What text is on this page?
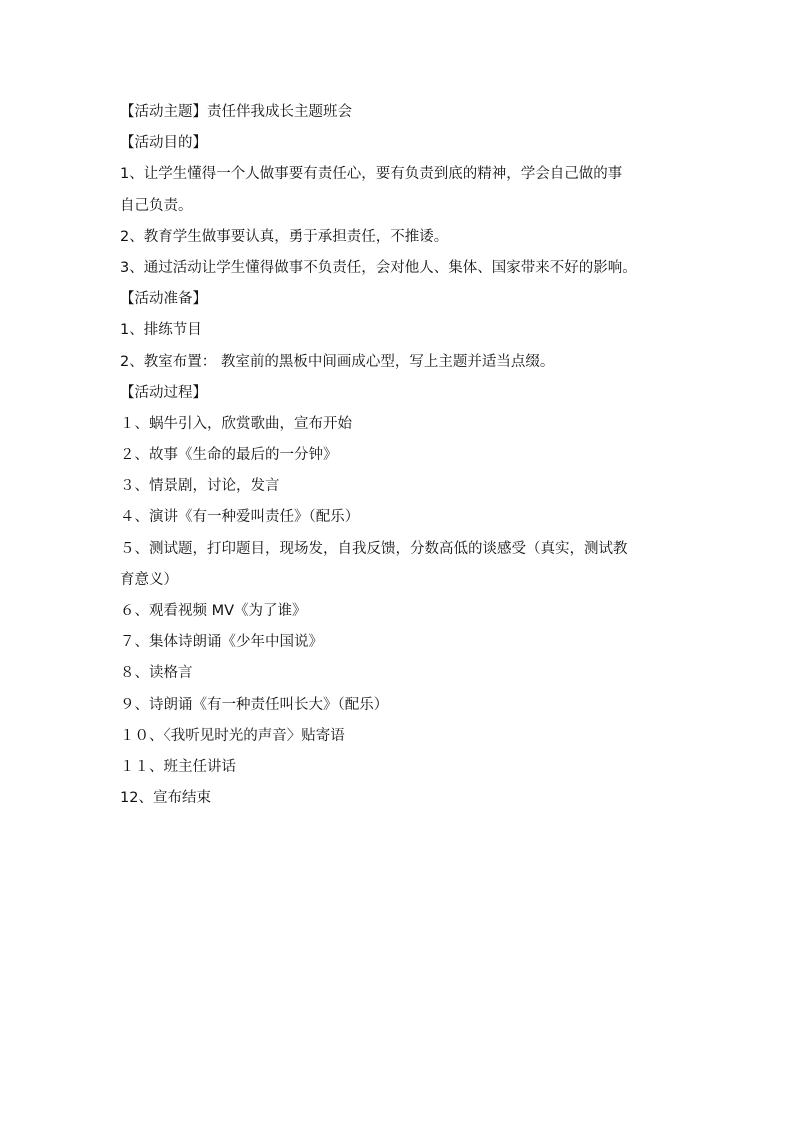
【活动主题】责任伴我成长主题班会
【活动目的】
1、让学生懂得一个人做事要有责任心，要有负责到底的精神，学会自己做的事
自己负责。
2、教育学生做事要认真，勇于承担责任，不推诿。
3、通过活动让学生懂得做事不负责任，会对他人、集体、国家带来不好的影响。
【活动准备】
1、排练节目
2、教室布置： 教室前的黑板中间画成心型，写上主题并适当点缀。
【活动过程】
１、蜗牛引入，欣赏歌曲，宣布开始
２、故事《生命的最后的一分钟》
３、情景剧，讨论，发言
４、演讲《有一种爱叫责任》（配乐）
５、测试题，打印题目，现场发，自我反馈，分数高低的谈感受（真实，测试教
育意义）
６、观看视频 MV《为了谁》
７、集体诗朗诵《少年中国说》
８、读格言
９、诗朗诵《有一种责任叫长大》（配乐）
１０、〈我听见时光的声音〉贴寄语
１１、班主任讲话
12、宣布结束
